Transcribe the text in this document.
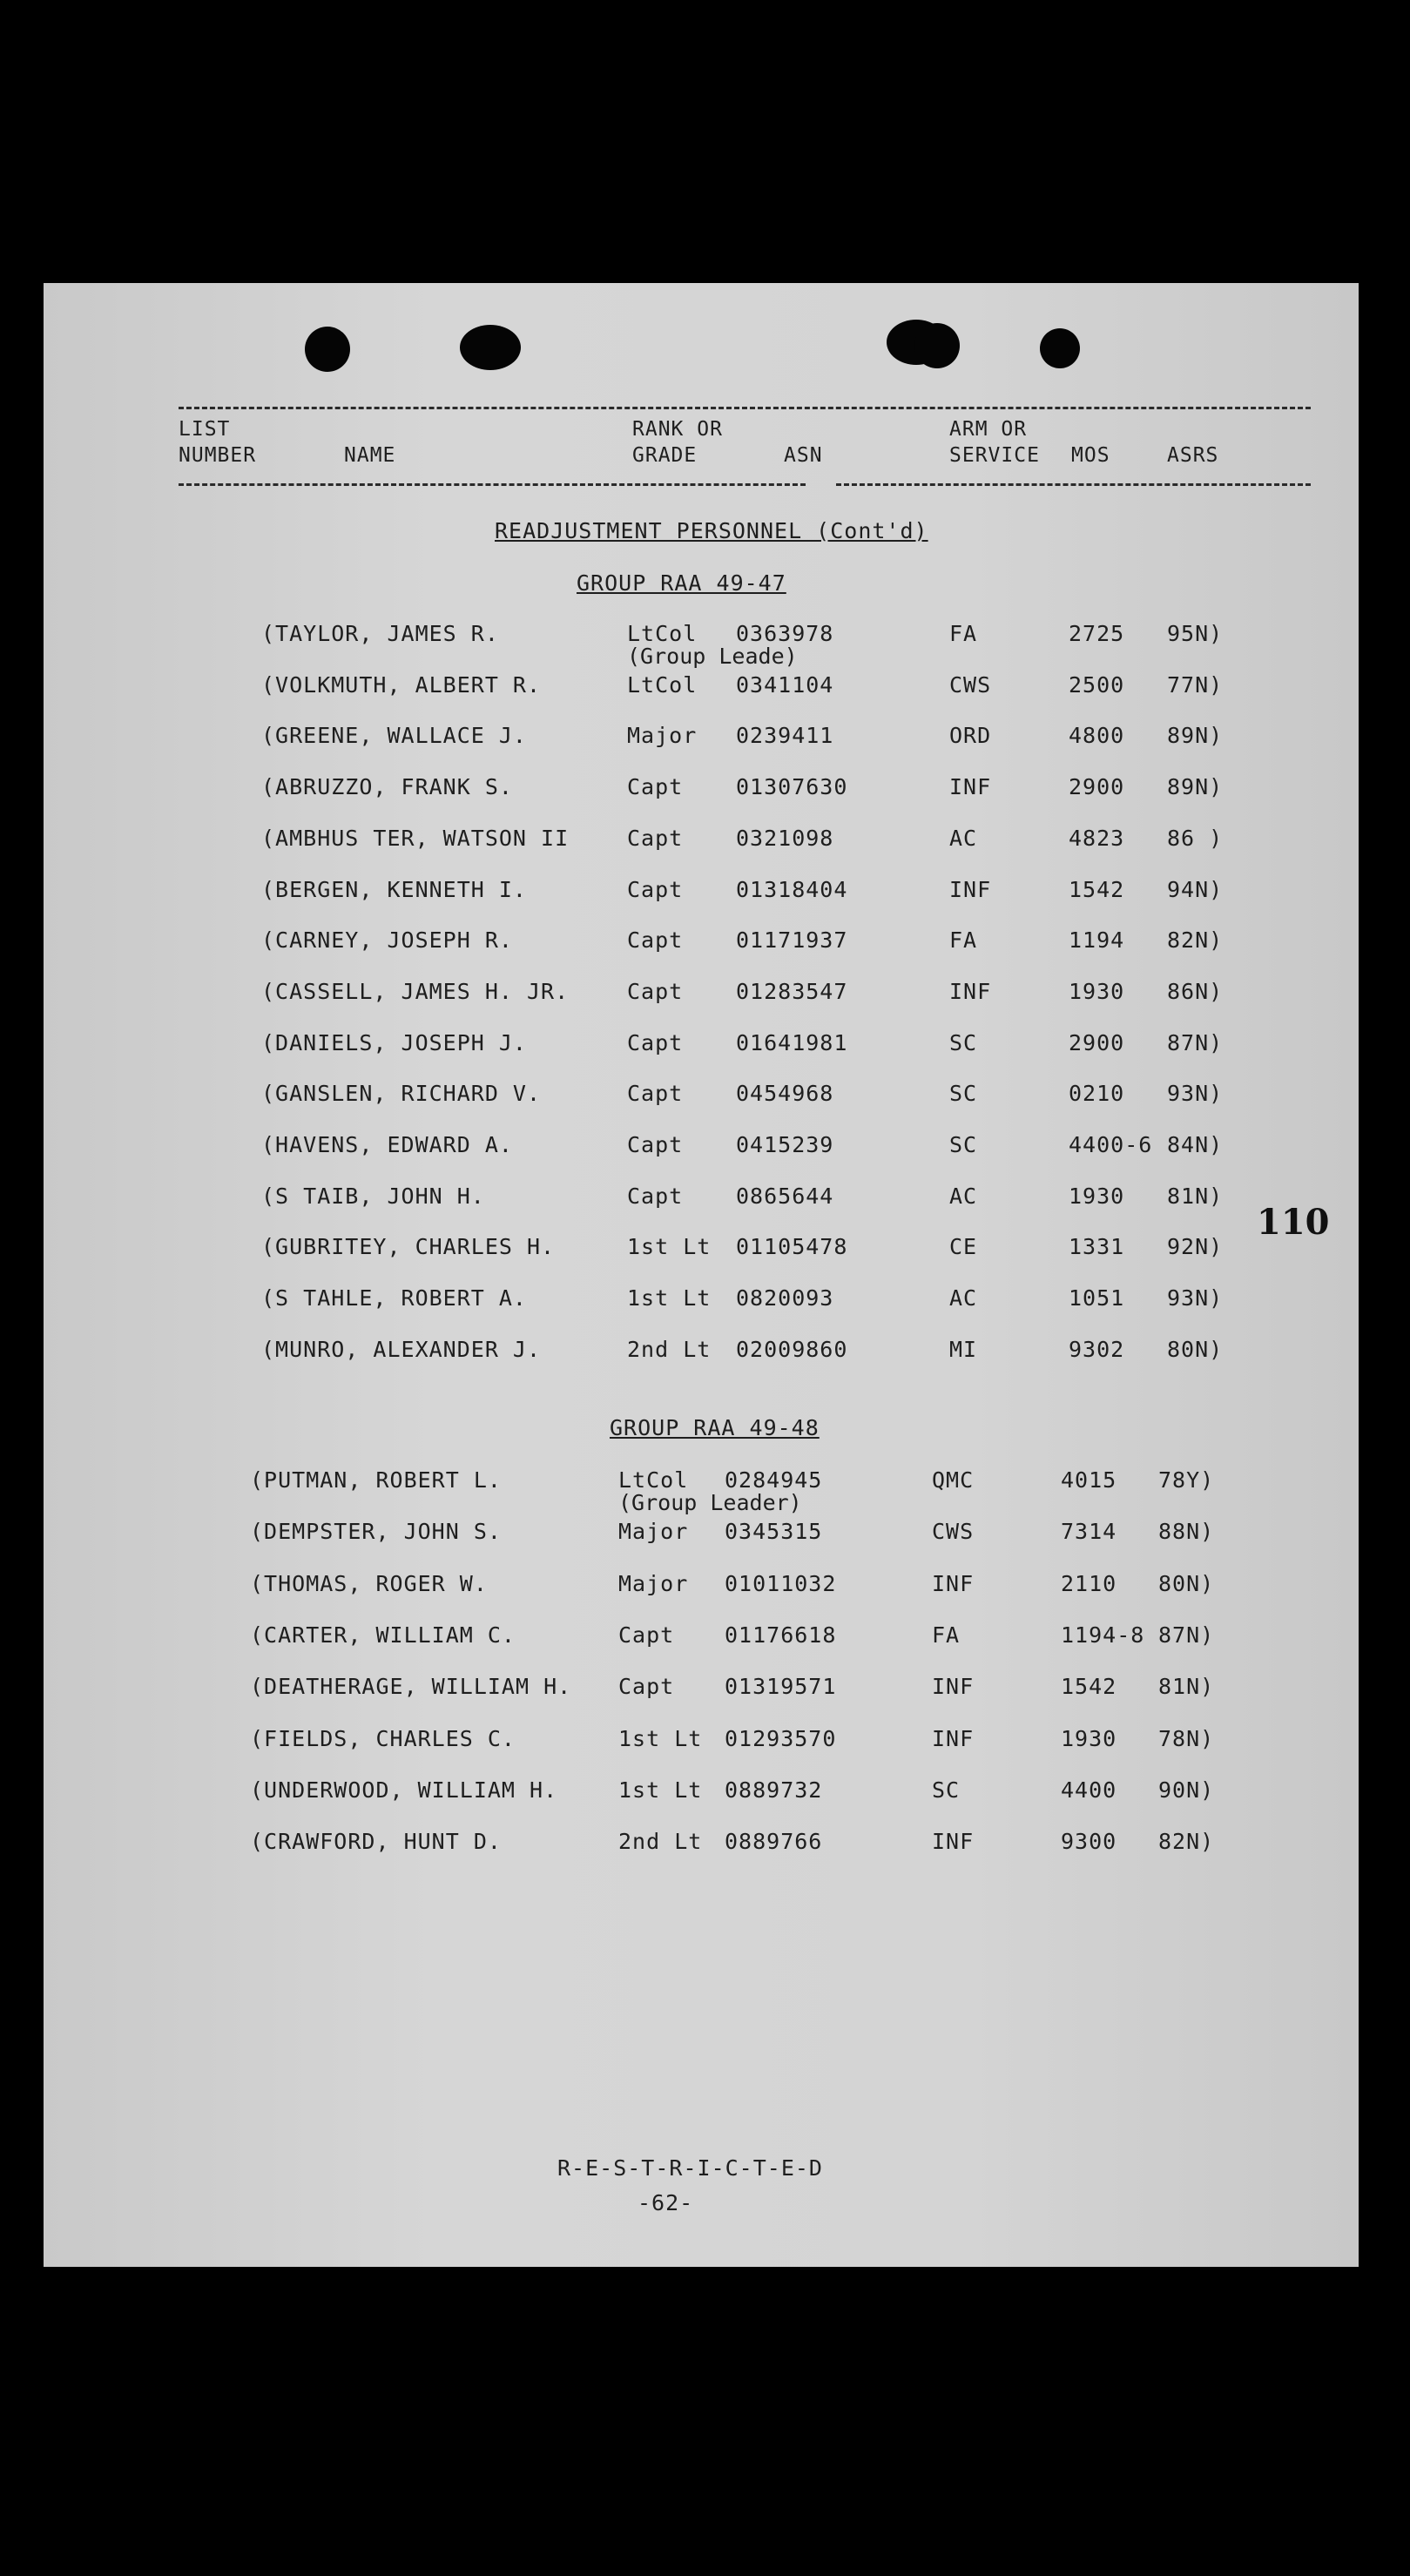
LIST
NUMBER	NAME
RANK OR
GRADE	ASN
ARM OR
SERVICE MOS	ASRS
READJUSTMENT PERSONNEL (Cont'd)
GROUP RAA 49-47
(TAYLOR, JAMES R.	LtCol 0363978	FA	2725 95N)
(Group Leade)
(VOLKMUTH, ALBERT R.	LtCol 0341104	CWS	2500 77N)
(GREENE, WALLACE J.	Major 0239411	ORD	4800 89N)
(ABRUZZO, FRANK S.	Capt 01307630	INF	2900 89N)
(AMBHUS TER, WATSON II	Capt 0321098	AC	4823 86 )
(BERGEN, KENNETH I.	Capt 01318404	INF	1542 94N)
(CARNEY, JOSEPH R.	Capt 01171937	FA	1194 82N)
(CASSELL, JAMES H. JR.	Capt 01283547	INF	1930 86N)
(DANIELS, JOSEPH J.	Capt 01641981	SC	2900 87N)
(GANSLEN, RICHARD V.	Capt 0454968	SC	0210 93N)
(HAVENS, EDWARD A.	Capt 0415239	SC	4400-6 84N)
(S TAIB, JOHN H.	Capt 0865644	AC	1930 81N)
(GUBRITEY, CHARLES H.	1st Lt 01105478	CE	1331 92N)
(S TAHLE, ROBERT A.	1st Lt 0820093	AC	1051 93N)
(MUNRO, ALEXANDER J.	2nd Lt 02009860	MI	9302 80N)
GROUP RAA 49-48
(PUTMAN, ROBERT L.	LtCol 0284945	QMC	4015 78Y)
(Group Leader)
(DEMPSTER, JOHN S.	Major 0345315	CWS	7314 88N)
(THOMAS, ROGER W.	Major 01011032	INF	2110 80N)
(CARTER, WILLIAM C.	Capt 01176618	FA	1194-8 87N)
(DEATHERAGE, WILLIAM H. Capt 01319571	INF	1542 81N)
(FIELDS, CHARLES C.	1st Lt 01293570	INF	1930 78N)
(UNDERWOOD, WILLIAM H.	1st Lt 0889732	SC	4400 90N)
(CRAWFORD, HUNT D.	2nd Lt 0889766	INF	9300 82N)
110
R-E-S-T-R-I-C-T-E-D
-62-
